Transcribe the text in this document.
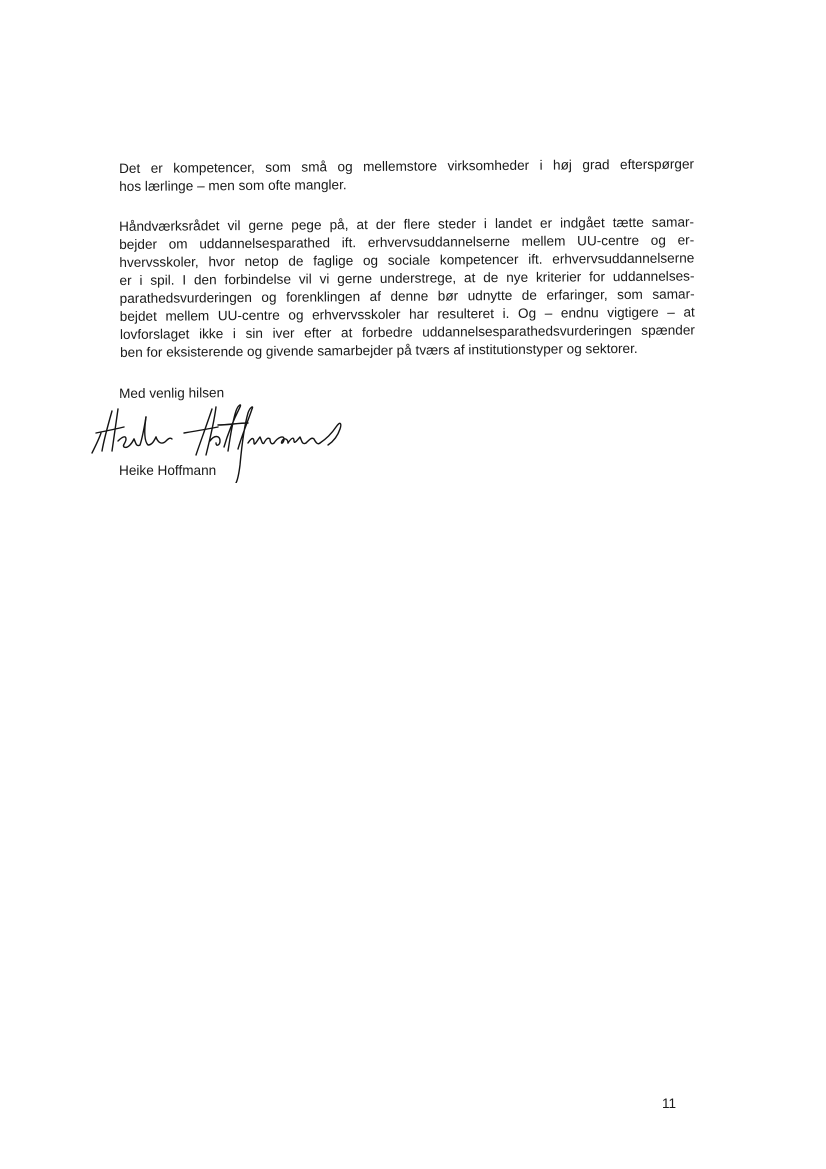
Det er kompetencer, som små og mellemstore virksomheder i høj grad efterspørger
hos lærlinge – men som ofte mangler.
Håndværksrådet vil gerne pege på, at der flere steder i landet er indgået tætte samar-
bejder om uddannelsesparathed ift. erhvervsuddannelserne mellem UU-centre og er-
hvervsskoler, hvor netop de faglige og sociale kompetencer ift. erhvervsuddannelserne
er i spil. I den forbindelse vil vi gerne understrege, at de nye kriterier for uddannelses-
parathedsvurderingen og forenklingen af denne bør udnytte de erfaringer, som samar-
bejdet mellem UU-centre og erhvervsskoler har resulteret i. Og – endnu vigtigere – at
lovforslaget ikke i sin iver efter at forbedre uddannelsesparathedsvurderingen spænder
ben for eksisterende og givende samarbejder på tværs af institutionstyper og sektorer.
Med venlig hilsen
Heike Hoffmann
11
